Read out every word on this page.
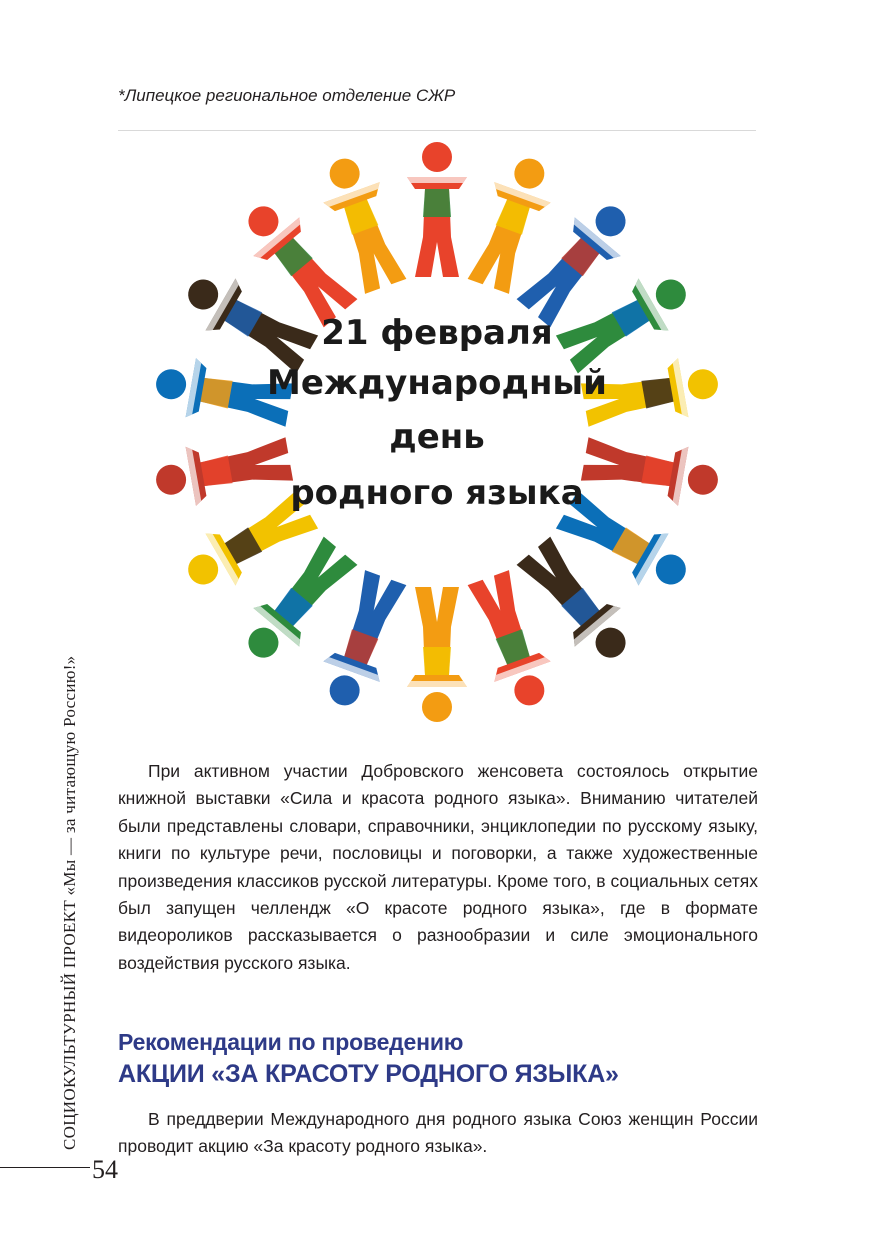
*Липецкое региональное отделение СЖР
21 февраля
Международный
день
родного языка

При активном участии Добровского женсовета состоялось открытие книжной выставки «Сила и красота родного языка». Вниманию читателей были представлены словари, справочники, энциклопедии по русскому языку, книги по культуре речи, пословицы и поговорки, а также художественные произведения классиков русской литературы. Кроме того, в социальных сетях был запущен челлендж «О красоте родного языка», где в формате видеороликов рассказывается о разнообразии и силе эмоционального воздействия русского языка.

Рекомендации по проведению
АКЦИИ «ЗА КРАСОТУ РОДНОГО ЯЗЫКА»

В преддверии Международного дня родного языка Союз женщин России проводит акцию «За красоту родного языка».

СОЦИОКУЛЬТУРНЫЙ ПРОЕКТ «Мы — за читающую Россию!»
54
